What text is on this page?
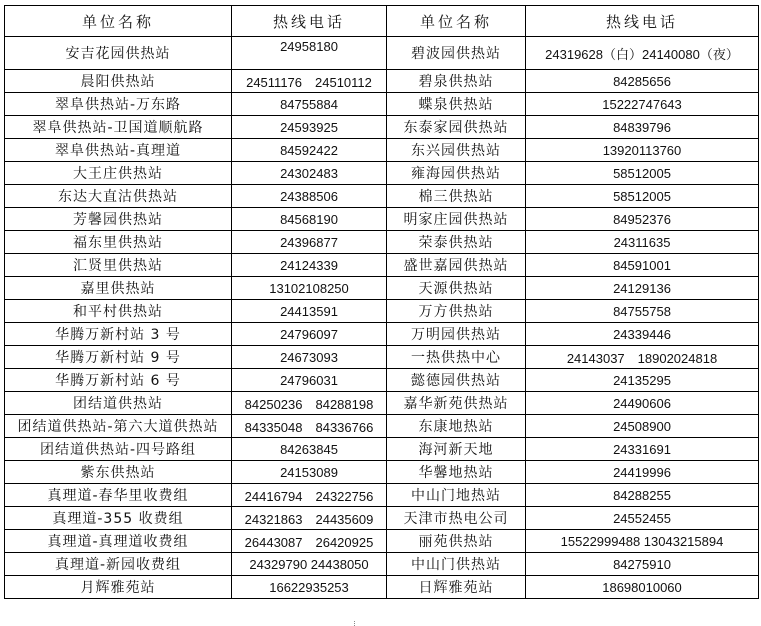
单位名称	热线电话	单位名称	热线电话
安吉花园供热站	24958180	碧波园供热站	24319628（白）24140080（夜）
晨阳供热站	24511176　24510112	碧泉供热站	84285656
翠阜供热站-万东路	84755884	蝶泉供热站	15222747643
翠阜供热站-卫国道顺航路	24593925	东泰家园供热站	84839796
翠阜供热站-真理道	84592422	东兴园供热站	13920113760
大王庄供热站	24302483	雍海园供热站	58512005
东达大直沽供热站	24388506	棉三供热站	58512005
芳馨园供热站	84568190	明家庄园供热站	84952376
福东里供热站	24396877	荣泰供热站	24311635
汇贤里供热站	24124339	盛世嘉园供热站	84591001
嘉里供热站	13102108250	天源供热站	24129136
和平村供热站	24413591	万方供热站	84755758
华腾万新村站 3 号	24796097	万明园供热站	24339446
华腾万新村站 9 号	24673093	一热供热中心	24143037　18902024818
华腾万新村站 6 号	24796031	懿德园供热站	24135295
团结道供热站	84250236　84288198	嘉华新苑供热站	24490606
团结道供热站-第六大道供热站	84335048　84336766	东康地热站	24508900
团结道供热站-四号路组	84263845	海河新天地	24331691
紫东供热站	24153089	华馨地热站	24419996
真理道-春华里收费组	24416794　24322756	中山门地热站	84288255
真理道-355 收费组	24321863　24435609	天津市热电公司	24552455
真理道-真理道收费组	26443087　26420925	丽苑供热站	15522999488 13043215894
真理道-新园收费组	24329790 24438050	中山门供热站	84275910
月辉雅苑站	16622935253	日辉雅苑站	18698010060
